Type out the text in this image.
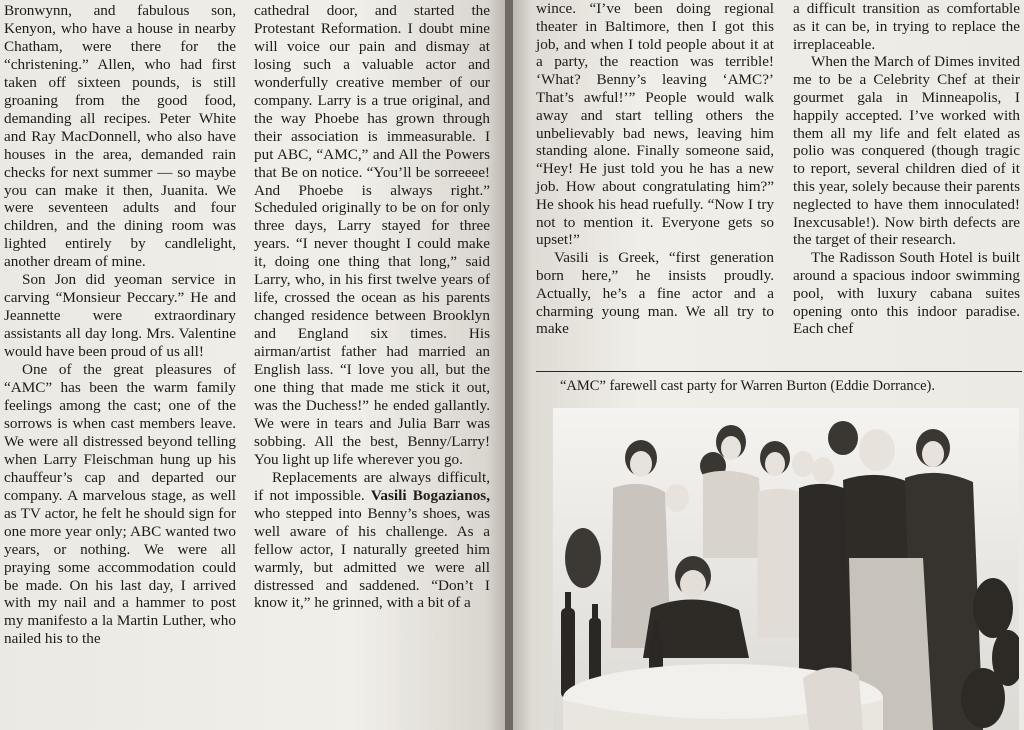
Bronwynn, and fabulous son, Kenyon, who have a house in nearby Chatham, were there for the “christening.” Allen, who had first taken off sixteen pounds, is still groaning from the good food, demanding all recipes. Peter White and Ray MacDonnell, who also have houses in the area, demanded rain checks for next summer — so maybe you can make it then, Juanita. We were seventeen adults and four children, and the dining room was lighted entirely by candlelight, another dream of mine.

Son Jon did yeoman service in carving “Monsieur Peccary.” He and Jeannette were extraordinary assistants all day long. Mrs. Valentine would have been proud of us all!

One of the great pleasures of “AMC” has been the warm family feelings among the cast; one of the sorrows is when cast members leave. We were all distressed beyond telling when Larry Fleischman hung up his chauffeur’s cap and departed our company. A marvelous stage, as well as TV actor, he felt he should sign for one more year only; ABC wanted two years, or nothing. We were all praying some accommodation could be made. On his last day, I arrived with my nail and a hammer to post my manifesto a la Martin Luther, who nailed his to the

cathedral door, and started the Protestant Reformation. I doubt mine will voice our pain and dismay at losing such a valuable actor and wonderfully creative member of our company. Larry is a true original, and the way Phoebe has grown through their association is immeasurable. I put ABC, “AMC,” and All the Powers that Be on notice. “You’ll be sorreeee! And Phoebe is always right.” Scheduled originally to be on for only three days, Larry stayed for three years. “I never thought I could make it, doing one thing that long,” said Larry, who, in his first twelve years of life, crossed the ocean as his parents changed residence between Brooklyn and England six times. His airman/artist father had married an English lass. “I love you all, but the one thing that made me stick it out, was the Duchess!” he ended gallantly. We were in tears and Julia Barr was sobbing. All the best, Benny/Larry! You light up life wherever you go.

Replacements are always difficult, if not impossible. Vasili Bogazianos, who stepped into Benny’s shoes, was well aware of his challenge. As a fellow actor, I naturally greeted him warmly, but admitted we were all distressed and saddened. “Don’t I know it,” he grinned, with a bit of a

wince. “I’ve been doing regional theater in Baltimore, then I got this job, and when I told people about it at a party, the reaction was terrible! ‘What? Benny’s leaving ‘AMC?’ That’s awful!’” People would walk away and start telling others the unbelievably bad news, leaving him standing alone. Finally someone said, “Hey! He just told you he has a new job. How about congratulating him?” He shook his head ruefully. “Now I try not to mention it. Everyone gets so upset!”

Vasili is Greek, “first generation born here,” he insists proudly. Actually, he’s a fine actor and a charming young man. We all try to make

a difficult transition as comfortable as it can be, in trying to replace the irreplaceable.

When the March of Dimes invited me to be a Celebrity Chef at their gourmet gala in Minneapolis, I happily accepted. I’ve worked with them all my life and felt elated as polio was conquered (though tragic to report, several children died of it this year, solely because their parents neglected to have them innoculated! Inexcusable!). Now birth defects are the target of their research.

The Radisson South Hotel is built around a spacious indoor swimming pool, with luxury cabana suites opening onto this indoor paradise. Each chef

“AMC” farewell cast party for Warren Burton (Eddie Dorrance).
